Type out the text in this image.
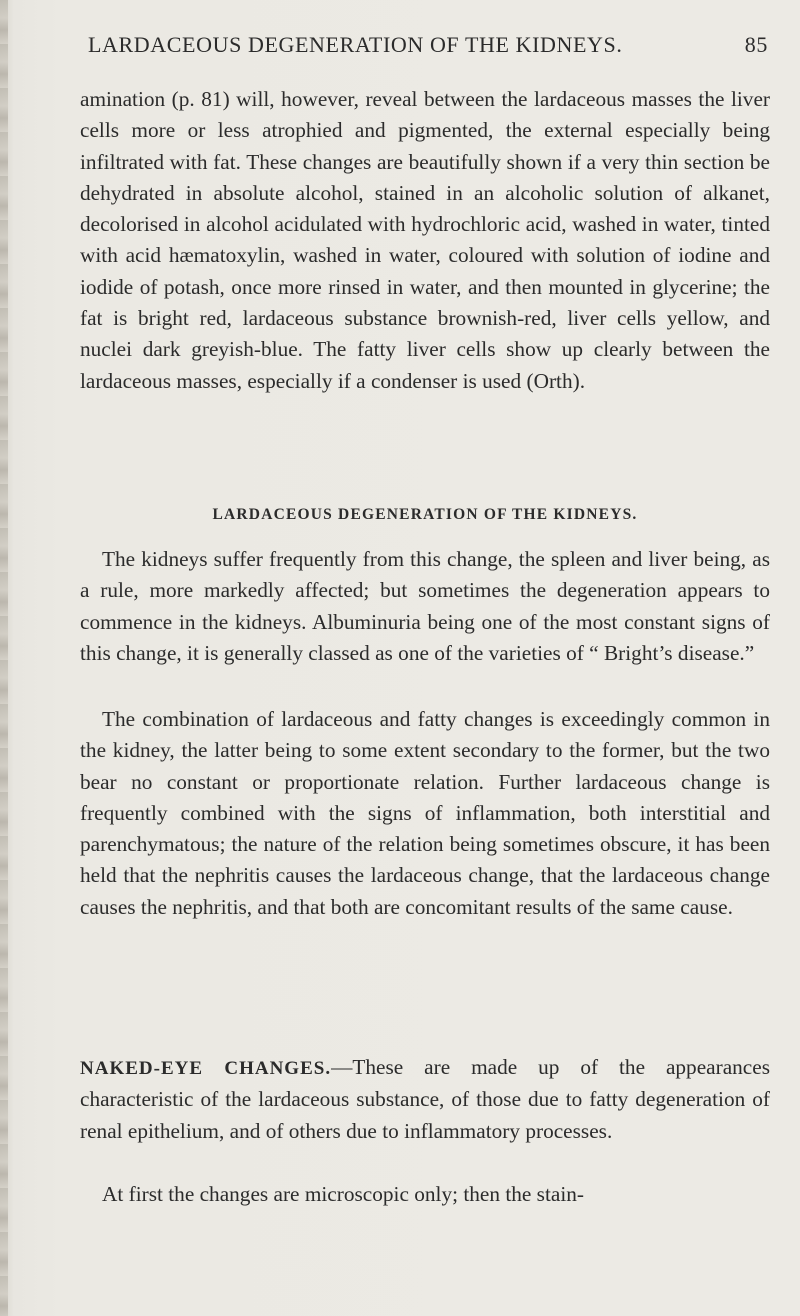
LARDACEOUS DEGENERATION OF THE KIDNEYS.	85

amination (p. 81) will, however, reveal between the lardaceous masses the liver cells more or less atrophied and pigmented, the external especially being infiltrated with fat. These changes are beautifully shown if a very thin section be dehydrated in absolute alcohol, stained in an alcoholic solution of alkanet, decolorised in alcohol acidulated with hydrochloric acid, washed in water, tinted with acid hæmatoxylin, washed in water, coloured with solution of iodine and iodide of potash, once more rinsed in water, and then mounted in glycerine; the fat is bright red, lardaceous substance brownish-red, liver cells yellow, and nuclei dark greyish-blue. The fatty liver cells show up clearly between the lardaceous masses, especially if a condenser is used (Orth).

LARDACEOUS DEGENERATION OF THE KIDNEYS.

The kidneys suffer frequently from this change, the spleen and liver being, as a rule, more markedly affected; but sometimes the degeneration appears to commence in the kidneys. Albuminuria being one of the most constant signs of this change, it is generally classed as one of the varieties of “ Bright’s disease.”

The combination of lardaceous and fatty changes is exceedingly common in the kidney, the latter being to some extent secondary to the former, but the two bear no constant or proportionate relation. Further lardaceous change is frequently combined with the signs of inflammation, both interstitial and parenchymatous; the nature of the relation being sometimes obscure, it has been held that the nephritis causes the lardaceous change, that the lardaceous change causes the nephritis, and that both are concomitant results of the same cause.

NAKED-EYE CHANGES.—These are made up of the appearances characteristic of the lardaceous substance, of those due to fatty degeneration of renal epithelium, and of others due to inflammatory processes.

At first the changes are microscopic only; then the stain-
